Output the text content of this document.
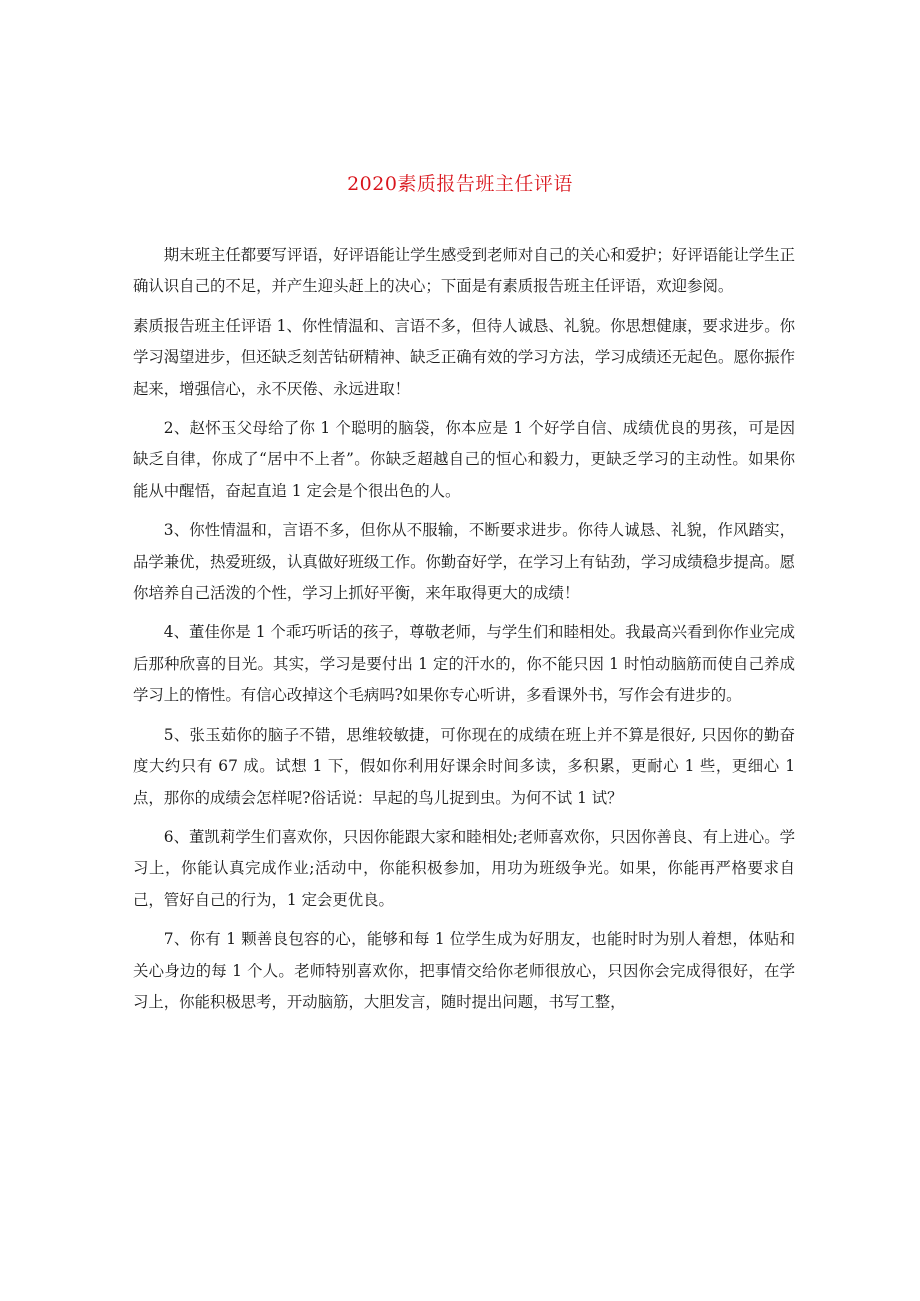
2020素质报告班主任评语

期末班主任都要写评语，好评语能让学生感受到老师对自己的关心和爱护；好评语能让学生正确认识自己的不足，并产生迎头赶上的决心；下面是有素质报告班主任评语，欢迎参阅。

素质报告班主任评语 1、你性情温和、言语不多，但待人诚恳、礼貌。你思想健康，要求进步。你学习渴望进步，但还缺乏刻苦钻研精神、缺乏正确有效的学习方法，学习成绩还无起色。愿你振作起来，增强信心，永不厌倦、永远进取！

2、赵怀玉父母给了你 1 个聪明的脑袋，你本应是 1 个好学自信、成绩优良的男孩，可是因缺乏自律，你成了“居中不上者”。你缺乏超越自己的恒心和毅力，更缺乏学习的主动性。如果你能从中醒悟，奋起直追 1 定会是个很出色的人。

3、你性情温和，言语不多，但你从不服输，不断要求进步。你待人诚恳、礼貌，作风踏实，品学兼优，热爱班级，认真做好班级工作。你勤奋好学，在学习上有钻劲，学习成绩稳步提高。愿你培养自己活泼的个性，学习上抓好平衡，来年取得更大的成绩！

4、董佳你是 1 个乖巧听话的孩子，尊敬老师，与学生们和睦相处。我最高兴看到你作业完成后那种欣喜的目光。其实，学习是要付出 1 定的汗水的，你不能只因 1 时怕动脑筋而使自己养成学习上的惰性。有信心改掉这个毛病吗?如果你专心听讲，多看课外书，写作会有进步的。

5、张玉茹你的脑子不错，思维较敏捷，可你现在的成绩在班上并不算是很好, 只因你的勤奋度大约只有 67 成。试想 1 下，假如你利用好课余时间多读，多积累，更耐心 1 些，更细心 1 点，那你的成绩会怎样呢?俗话说：早起的鸟儿捉到虫。为何不试 1 试？

6、董凯莉学生们喜欢你，只因你能跟大家和睦相处;老师喜欢你，只因你善良、有上进心。学习上，你能认真完成作业;活动中，你能积极参加，用功为班级争光。如果，你能再严格要求自己，管好自己的行为，1 定会更优良。

7、你有 1 颗善良包容的心，能够和每 1 位学生成为好朋友，也能时时为别人着想，体贴和关心身边的每 1 个人。老师特别喜欢你，把事情交给你老师很放心，只因你会完成得很好，在学习上，你能积极思考，开动脑筋，大胆发言，随时提出问题，书写工整，
